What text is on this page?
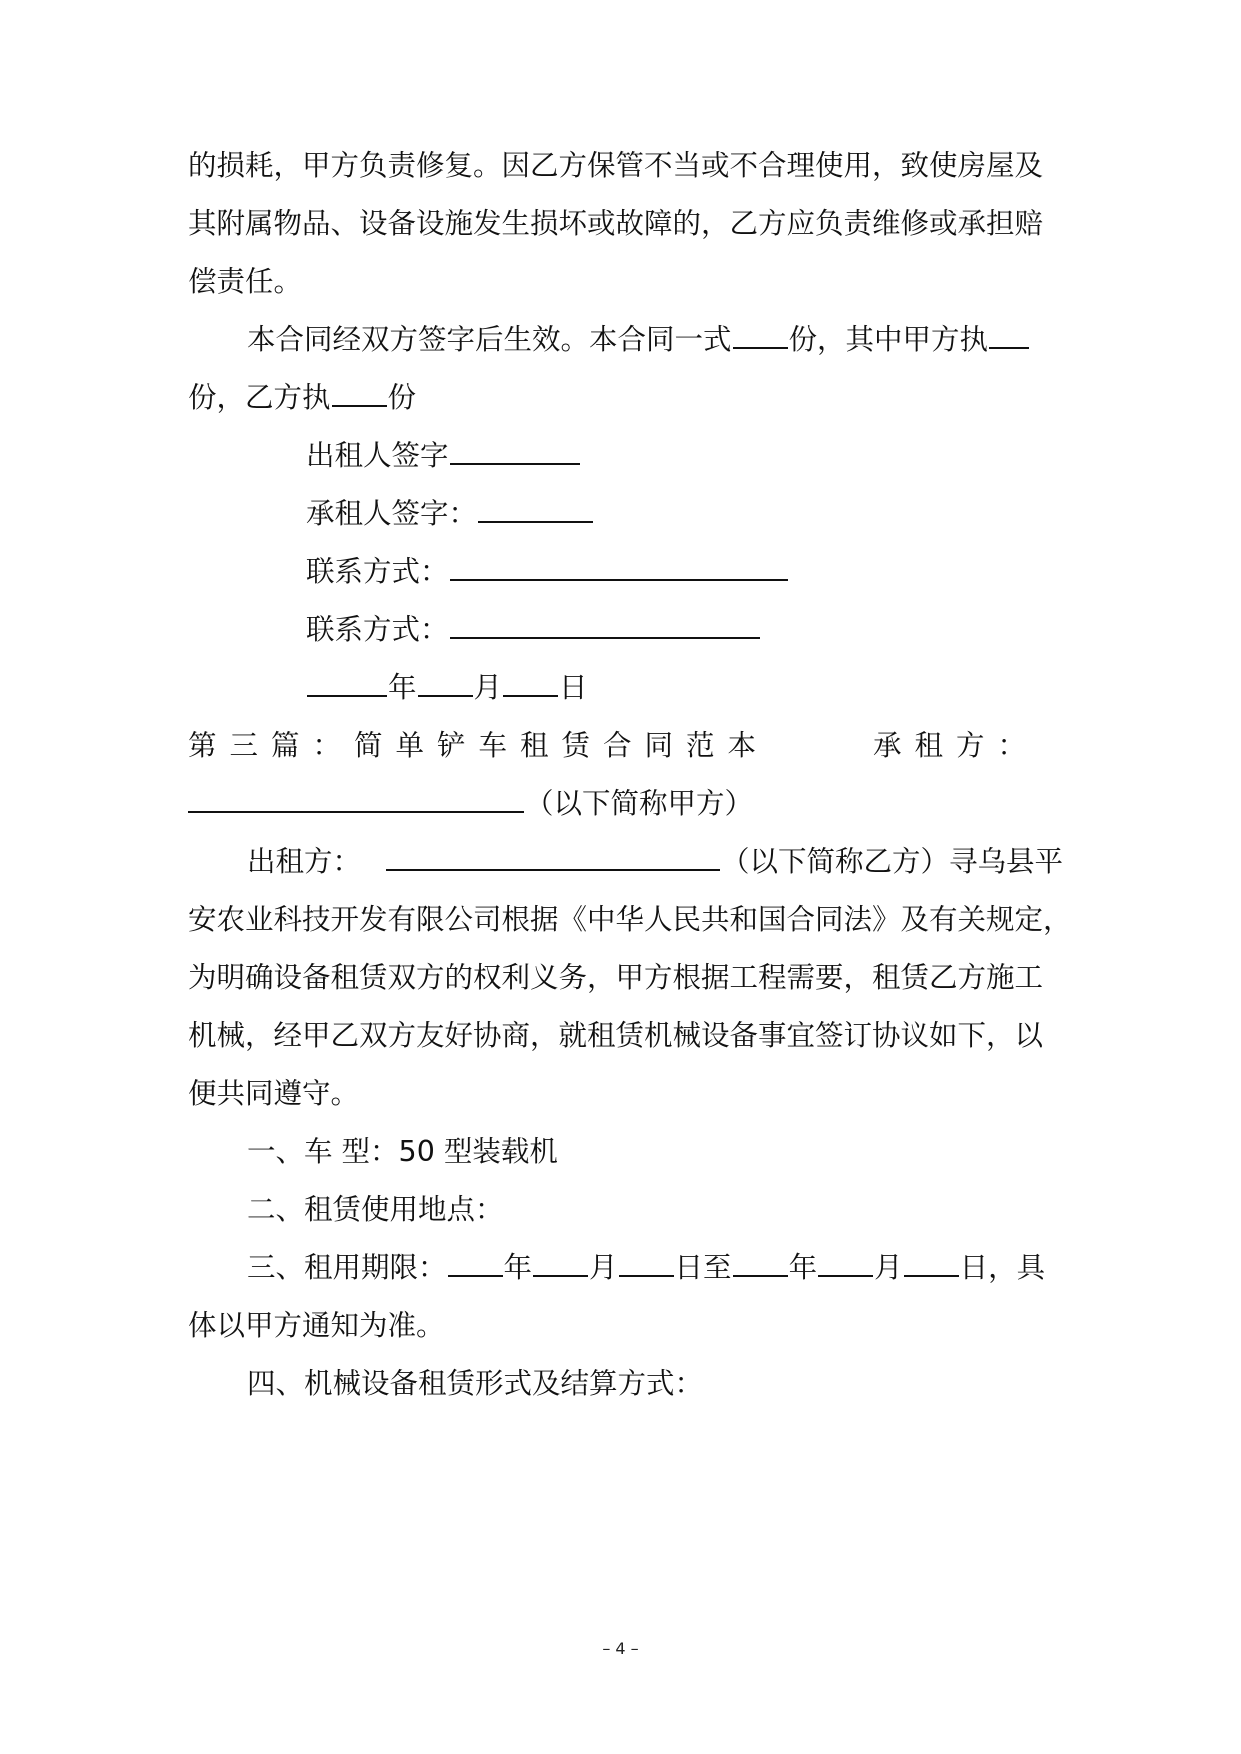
的损耗，甲方负责修复。因乙方保管不当或不合理使用，致使房屋及
其附属物品、设备设施发生损坏或故障的，乙方应负责维修或承担赔
偿责任。
本合同经双方签字后生效。本合同一式 份，其中甲方执
份，乙方执 份
出租人签字
承租人签字：
联系方式：
联系方式：
年 月 日
第三篇：简单铲车租赁合同范本	承租方：
（以下简称甲方）
出租方：	（以下简称乙方）寻乌县平
安农业科技开发有限公司根据《中华人民共和国合同法》及有关规定，
为明确设备租赁双方的权利义务，甲方根据工程需要，租赁乙方施工
机械，经甲乙双方友好协商，就租赁机械设备事宜签订协议如下，以
便共同遵守。
一、车 型：50 型装载机
二、租赁使用地点：
三、租用期限： 年 月 日至 年 月 日，具
体以甲方通知为准。
四、机械设备租赁形式及结算方式：
– 4 –
